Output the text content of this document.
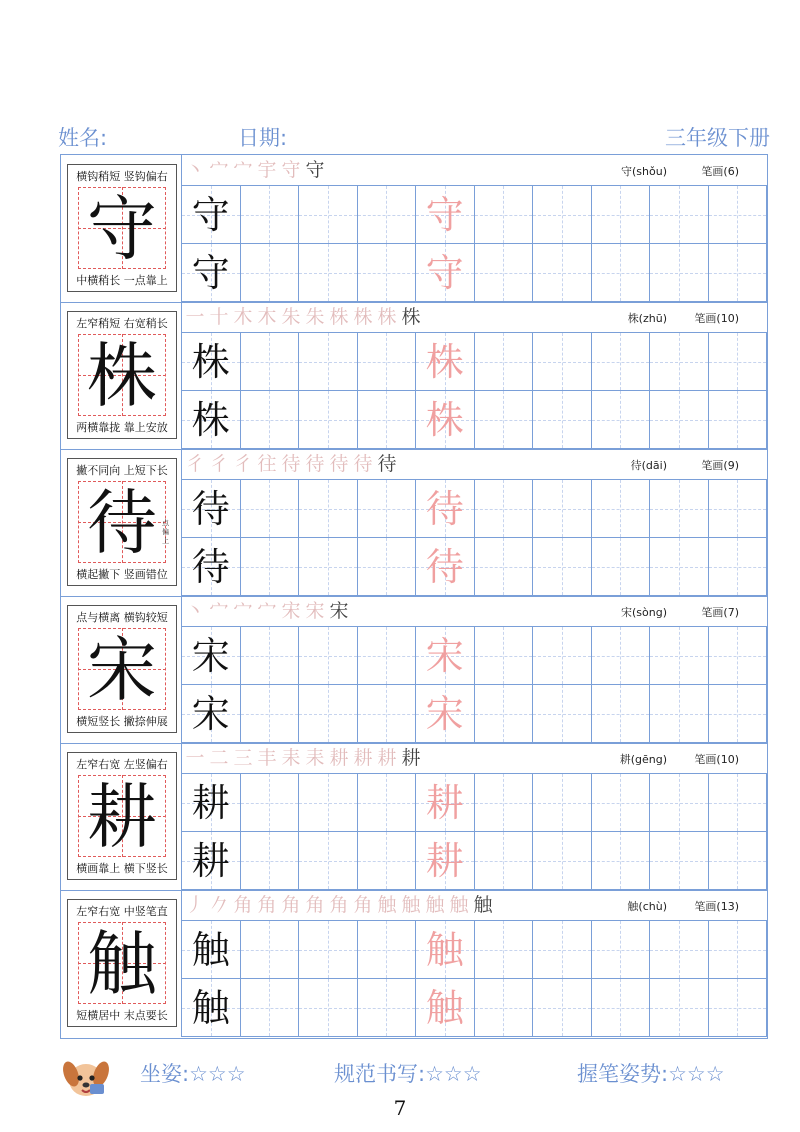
姓名:	日期:	三年级下册
横钩稍短 竖钩偏右
守
中横稍长 一点靠上
丶 宀 宀 宇 守 守	守(shǒu)	笔画(6)
守	守
守	守
左窄稍短 右宽稍长
株
两横靠拢 靠上安放
一 十 木 木 朱 朱 株 株 株 株	株(zhū) 笔画(10)
株	株
株	株
撇不同向 上短下长
待 点偏上
横起撇下 竖画错位
彳 彳 彳 往 待 待 待 待 待	待(dāi)	笔画(9)
待	待
待	待
点与横离 横钩较短
宋
横短竖长 撇捺伸展
丶 宀 宀 宀 宋 宋 宋	宋(sòng)	笔画(7)
宋	宋
宋	宋
左窄右宽 左竖偏右
耕
横画靠上 横下竖长
一 二 三 丰 耒 耒 耕 耕 耕 耕	耕(gēng) 笔画(10)
耕	耕
耕	耕
左窄右宽 中竖笔直
触
短横居中 末点要长
丿 𠂊 角 角 角 角 角 角 触 触 触 触 触	触(chù) 笔画(13)
触	触
触	触
坐姿:☆☆☆	规范书写:☆☆☆	握笔姿势:☆☆☆
7
